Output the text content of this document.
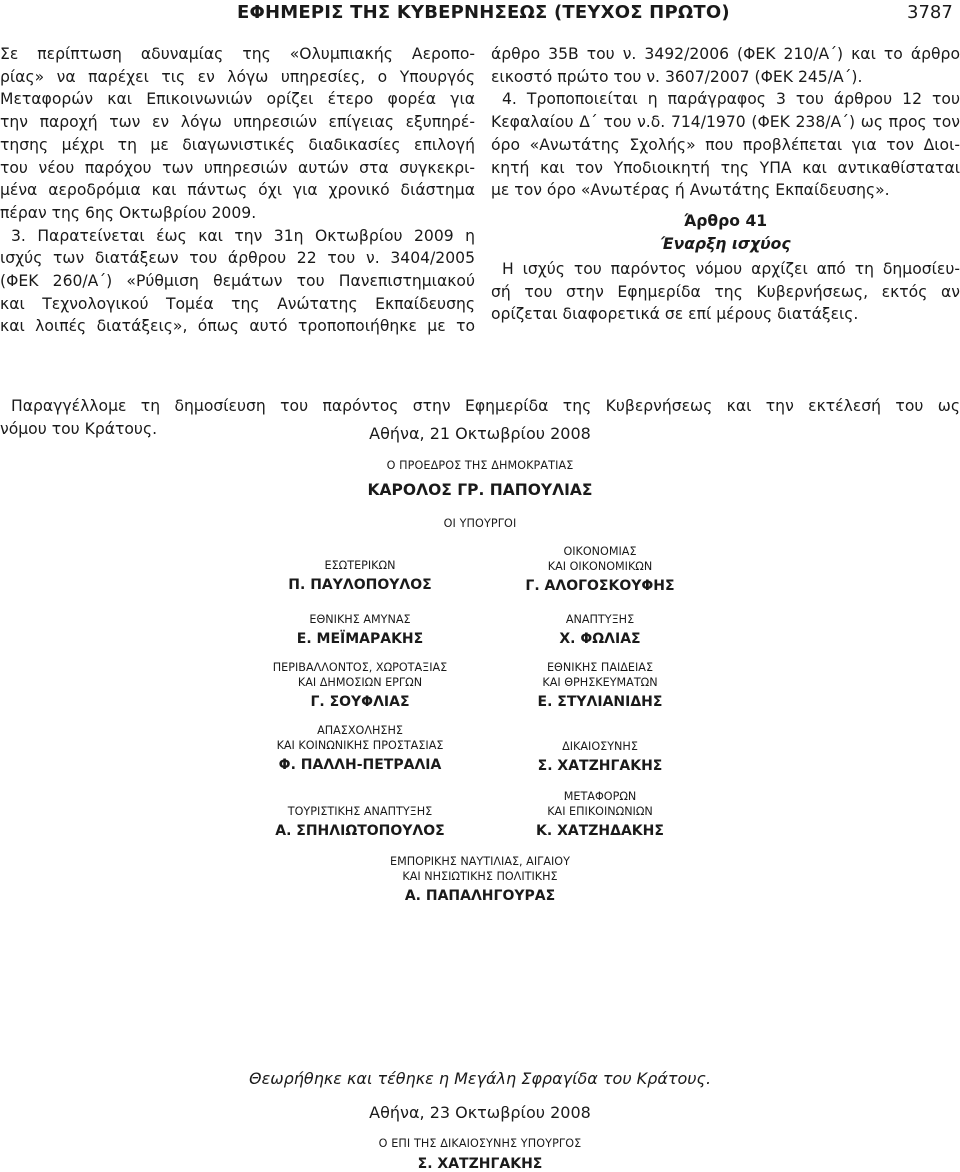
ΕΦΗΜΕΡΙΣ ΤΗΣ ΚΥΒΕΡΝΗΣΕΩΣ (ΤΕΥΧΟΣ ΠΡΩΤΟ)	3787

Σε περίπτωση αδυναμίας της «Ολυμπιακής Αεροπο-

ρίας» να παρέχει τις εν λόγω υπηρεσίες, ο Υπουργός

Μεταφορών και Επικοινωνιών ορίζει έτερο φορέα για

την παροχή των εν λόγω υπηρεσιών επίγειας εξυπηρέ-

τησης μέχρι τη με διαγωνιστικές διαδικασίες επιλογή

του νέου παρόχου των υπηρεσιών αυτών στα συγκεκρι-

μένα αεροδρόμια και πάντως όχι για χρονικό διάστημα

πέραν της 6ης Οκτωβρίου 2009.

3. Παρατείνεται έως και την 31η Οκτωβρίου 2009 η

ισχύς των διατάξεων του άρθρου 22 του ν. 3404/2005

(ΦΕΚ 260/Α΄) «Ρύθμιση θεμάτων του Πανεπιστημιακού

και Τεχνολογικού Τομέα της Ανώτατης Εκπαίδευσης

και λοιπές διατάξεις», όπως αυτό τροποποιήθηκε με το

άρθρο 35Β του ν. 3492/2006 (ΦΕΚ 210/Α΄) και το άρθρο

εικοστό πρώτο του ν. 3607/2007 (ΦΕΚ 245/Α΄).

4. Τροποποιείται η παράγραφος 3 του άρθρου 12 του

Κεφαλαίου Δ΄ του ν.δ. 714/1970 (ΦΕΚ 238/Α΄) ως προς τον

όρο «Ανωτάτης Σχολής» που προβλέπεται για τον Διοι-

κητή και τον Υποδιοικητή της ΥΠΑ και αντικαθίσταται

με τον όρο «Ανωτέρας ή Ανωτάτης Εκπαίδευσης».

Άρθρο 41
Έναρξη ισχύος

Η ισχύς του παρόντος νόμου αρχίζει από τη δημοσίευ-

σή του στην Εφημερίδα της Κυβερνήσεως, εκτός αν

ορίζεται διαφορετικά σε επί μέρους διατάξεις.

Παραγγέλλομε τη δημοσίευση του παρόντος στην Εφημερίδα της Κυβερνήσεως και την εκτέλεσή του ως
νόμου του Κράτους.	Αθήνα, 21 Οκτωβρίου 2008
Ο ΠΡΟΕΔΡΟΣ ΤΗΣ ΔΗΜΟΚΡΑΤΙΑΣ
ΚΑΡΟΛΟΣ ΓΡ. ΠΑΠΟΥΛΙΑΣ
ΟΙ ΥΠΟΥΡΓΟΙ
ΕΣΩΤΕΡΙΚΩΝ
Π. ΠΑΥΛΟΠΟΥΛΟΣ
ΕΘΝΙΚΗΣ ΑΜΥΝΑΣ
Ε. ΜΕΪΜΑΡΑΚΗΣ
ΠΕΡΙΒΑΛΛΟΝΤΟΣ, ΧΩΡΟΤΑΞΙΑΣ
ΚΑΙ ΔΗΜΟΣΙΩΝ ΕΡΓΩΝ
Γ. ΣΟΥΦΛΙΑΣ
ΑΠΑΣΧΟΛΗΣΗΣ
ΚΑΙ ΚΟΙΝΩΝΙΚΗΣ ΠΡΟΣΤΑΣΙΑΣ
Φ. ΠΑΛΛΗ-ΠΕΤΡΑΛΙΑ
ΤΟΥΡΙΣΤΙΚΗΣ ΑΝΑΠΤΥΞΗΣ
Α. ΣΠΗΛΙΩΤΟΠΟΥΛΟΣ
ΟΙΚΟΝΟΜΙΑΣ
ΚΑΙ ΟΙΚΟΝΟΜΙΚΩΝ
Γ. ΑΛΟΓΟΣΚΟΥΦΗΣ
ΑΝΑΠΤΥΞΗΣ
Χ. ΦΩΛΙΑΣ
ΕΘΝΙΚΗΣ ΠΑΙΔΕΙΑΣ
ΚΑΙ ΘΡΗΣΚΕΥΜΑΤΩΝ
Ε. ΣΤΥΛΙΑΝΙΔΗΣ
ΔΙΚΑΙΟΣΥΝΗΣ
Σ. ΧΑΤΖΗΓΑΚΗΣ
ΜΕΤΑΦΟΡΩΝ
ΚΑΙ ΕΠΙΚΟΙΝΩΝΙΩΝ
Κ. ΧΑΤΖΗΔΑΚΗΣ
ΕΜΠΟΡΙΚΗΣ ΝΑΥΤΙΛΙΑΣ, ΑΙΓΑΙΟΥ
ΚΑΙ ΝΗΣΙΩΤΙΚΗΣ ΠΟΛΙΤΙΚΗΣ
Α. ΠΑΠΑΛΗΓΟΥΡΑΣ
Θεωρήθηκε και τέθηκε η Μεγάλη Σφραγίδα του Κράτους.
Αθήνα, 23 Οκτωβρίου 2008
Ο ΕΠΙ ΤΗΣ ΔΙΚΑΙΟΣΥΝΗΣ ΥΠΟΥΡΓΟΣ
Σ. ΧΑΤΖΗΓΑΚΗΣ
